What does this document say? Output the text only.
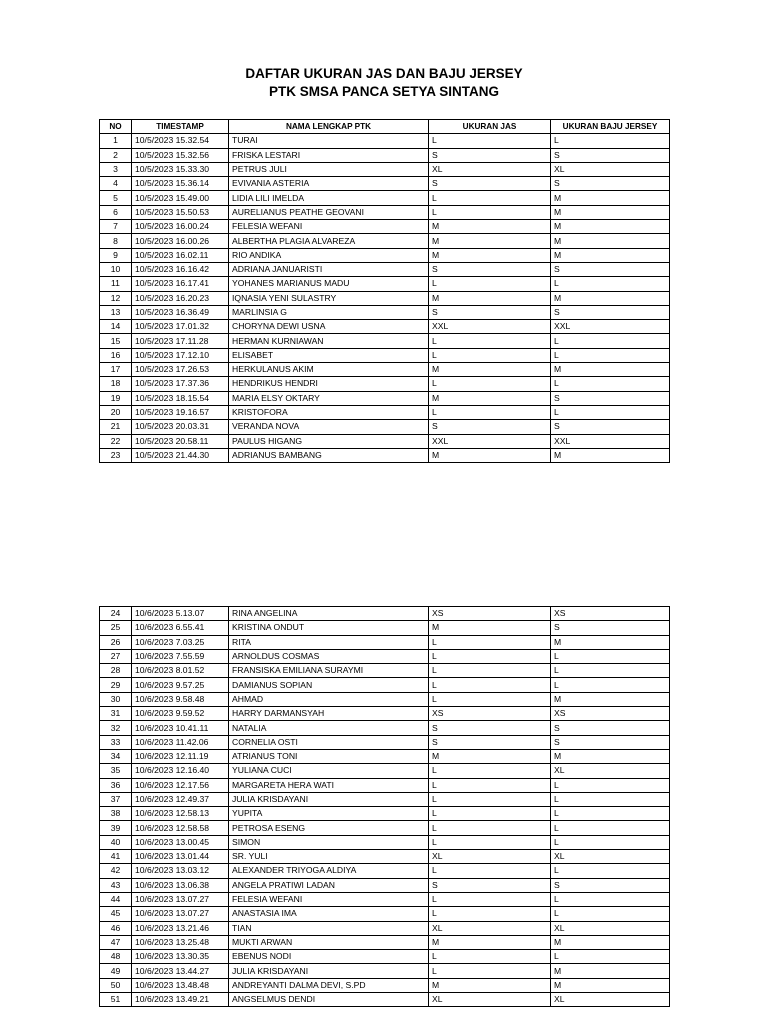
DAFTAR UKURAN JAS DAN BAJU JERSEY
PTK SMSA PANCA SETYA SINTANG
NO	TIMESTAMP	NAMA LENGKAP PTK	UKURAN JAS	UKURAN BAJU JERSEY
1	10/5/2023 15.32.54	TURAI	L	L
2	10/5/2023 15.32.56	FRISKA LESTARI	S	S
3	10/5/2023 15.33.30	PETRUS JULI	XL	XL
4	10/5/2023 15.36.14	EVIVANIA ASTERIA	S	S
5	10/5/2023 15.49.00	LIDIA LILI IMELDA	L	M
6	10/5/2023 15.50.53	AURELIANUS PEATHE GEOVANI	L	M
7	10/5/2023 16.00.24	FELESIA WEFANI	M	M
8	10/5/2023 16.00.26	ALBERTHA PLAGIA ALVAREZA	M	M
9	10/5/2023 16.02.11	RIO ANDIKA	M	M
10	10/5/2023 16.16.42	ADRIANA JANUARISTI	S	S
11	10/5/2023 16.17.41	YOHANES MARIANUS MADU	L	L
12	10/5/2023 16.20.23	IQNASIA YENI SULASTRY	M	M
13	10/5/2023 16.36.49	MARLINSIA G	S	S
14	10/5/2023 17.01.32	CHORYNA DEWI USNA	XXL	XXL
15	10/5/2023 17.11.28	HERMAN KURNIAWAN	L	L
16	10/5/2023 17.12.10	ELISABET	L	L
17	10/5/2023 17.26.53	HERKULANUS AKIM	M	M
18	10/5/2023 17.37.36	HENDRIKUS HENDRI	L	L
19	10/5/2023 18.15.54	MARIA ELSY OKTARY	M	S
20	10/5/2023 19.16.57	KRISTOFORA	L	L
21	10/5/2023 20.03.31	VERANDA NOVA	S	S
22	10/5/2023 20.58.11	PAULUS HIGANG	XXL	XXL
23	10/5/2023 21.44.30	ADRIANUS BAMBANG	M	M
24	10/6/2023 5.13.07	RINA ANGELINA	XS	XS
25	10/6/2023 6.55.41	KRISTINA ONDUT	M	S
26	10/6/2023 7.03.25	RITA	L	M
27	10/6/2023 7.55.59	ARNOLDUS COSMAS	L	L
28	10/6/2023 8.01.52	FRANSISKA EMILIANA SURAYMI	L	L
29	10/6/2023 9.57.25	DAMIANUS SOPIAN	L	L
30	10/6/2023 9.58.48	AHMAD	L	M
31	10/6/2023 9.59.52	HARRY DARMANSYAH	XS	XS
32	10/6/2023 10.41.11	NATALIA	S	S
33	10/6/2023 11.42.06	CORNELIA OSTI	S	S
34	10/6/2023 12.11.19	ATRIANUS TONI	M	M
35	10/6/2023 12.16.40	YULIANA CUCI	L	XL
36	10/6/2023 12.17.56	MARGARETA HERA WATI	L	L
37	10/6/2023 12.49.37	JULIA KRISDAYANI	L	L
38	10/6/2023 12.58.13	YUPITA	L	L
39	10/6/2023 12.58.58	PETROSA ESENG	L	L
40	10/6/2023 13.00.45	SIMON	L	L
41	10/6/2023 13.01.44	SR. YULI	XL	XL
42	10/6/2023 13.03.12	ALEXANDER TRIYOGA ALDIYA	L	L
43	10/6/2023 13.06.38	ANGELA PRATIWI LADAN	S	S
44	10/6/2023 13.07.27	FELESIA WEFANI	L	L
45	10/6/2023 13.07.27	ANASTASIA IMA	L	L
46	10/6/2023 13.21.46	TIAN	XL	XL
47	10/6/2023 13.25.48	MUKTI ARWAN	M	M
48	10/6/2023 13.30.35	EBENUS NODI	L	L
49	10/6/2023 13.44.27	JULIA KRISDAYANI	L	M
50	10/6/2023 13.48.48	ANDREYANTI DALMA DEVI, S.PD	M	M
51	10/6/2023 13.49.21	ANGSELMUS DENDI	XL	XL
